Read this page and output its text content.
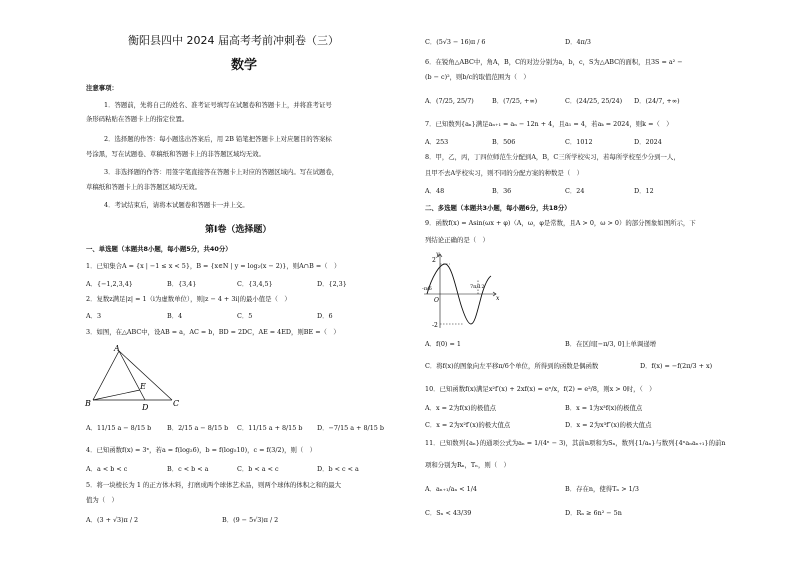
衡阳县四中 2024 届高考考前冲刺卷（三）
数学
注意事项：
1．答题前，先将自己的姓名、准考证号填写在试题卷和答题卡上，并将准考证号
条形码粘贴在答题卡上的指定位置。
2．选择题的作答：每小题选出答案后，用 2B 铅笔把答题卡上对应题目的答案标
号涂黑，写在试题卷、草稿纸和答题卡上的非答题区域均无效。
3．非选择题的作答：用签字笔直接答在答题卡上对应的答题区域内。写在试题卷，
草稿纸和答题卡上的非答题区域均无效。
4．考试结束后，请将本试题卷和答题卡一并上交。
第Ⅰ卷（选择题）
一、单选题（本题共8小题，每小题5分，共40分）
1．已知集合A = {x | −1 ≤ x < 5}，B = {x∈N | y = log₂(x − 2)}，则A∩B =（　）
A．{−1,2,3,4}	B．{3,4}	C．{3,4,5}	D．{2,3}
2．复数z满足|z| = 1（i为虚数单位），则|z − 4 + 3i|的最小值是（　）
A．3	B．4	C．5	D．6
3．如图，在△ABC中，设AB = a，AC = b，BD = 2DC，AE = 4ED，则BE =（　）
A
B	C
D
E
A．11/15 a − 8/15 b B．2/15 a − 8/15 b C．11/15 a + 8/15 b D．−7/15 a + 8/15 b
4．已知函数f(x) = 3ˣ，若a = f(log₂6)，b = f(log₅10)，c = f(3/2)，则（　）
A．a < b < c	B．c < b < a	C．b < a < c	D．b < c < a
5．将一块棱长为 1 的正方体木料，打磨成两个球体艺术品，则两个球体的体积之和的最大
值为（　）
A．(3 + √3)π / 2	B．(9 − 5√3)π / 2
C．(5√3 − 16)π / 6	D．4π/3
6．在锐角△ABC中，角A，B，C的对边分别为a，b，c，S为△ABC的面积，且3S = a² −
(b − c)²，则b/c的取值范围为（　）
A．(7/25, 25/7)	B．(7/25, +∞)	C．(24/25, 25/24) D．(24/7, +∞)
7．已知数列{aₙ}满足aₙ₊₁ = aₙ − 12n + 4，且a₁ = 4，若aₖ = 2024，则k =（　）
A．253	B．506	C．1012	D．2024
8．甲，乙，丙，丁四位师范生分配到A，B，C三所学校实习，若每所学校至少分到一人，
且甲不去A学校实习，则不同的分配方案的种数是（　）
A．48	B．36	C．24	D．12
二、多选题（本题共3小题，每小题6分，共18分）
9．函数f(x) = Asin(ωx + φ)（A，ω，φ是常数，且A > 0，ω > 0）的部分图象如图所示，下
列结论正确的是（　）
2
-2
y
x
O
-π/6	7π/12
A．f(0) = 1	B．在区间[−π/3, 0]上单调递增
C．将f(x)的图象向左平移π/6个单位，所得到的函数是偶函数	D．f(x) = −f(2π/3 + x)
10．已知函数f(x)满足x²f′(x) + 2xf(x) = eˣ/x，f(2) = e²/8，则x > 0时，（　）
A．x = 2为f(x)的极值点	B．x = 1为x³f(x)的极值点
C．x = 2为x²f′(x)的极大值点	D．x = 2为x³f″(x)的极大值点
11．已知数列{aₙ}的通项公式为aₙ = 1/(4ⁿ − 3)，其前n项和为Sₙ，数列{1/aₙ}与数列{4ⁿaₙaₙ₊₁}的前n
项和分别为Rₙ，Tₙ，则（　）
A．aₙ₊₁/aₙ < 1/4	B．存在n，使得Tₙ > 1/3
C．Sₙ < 43/39	D．Rₙ ≥ 6n² − 5n
